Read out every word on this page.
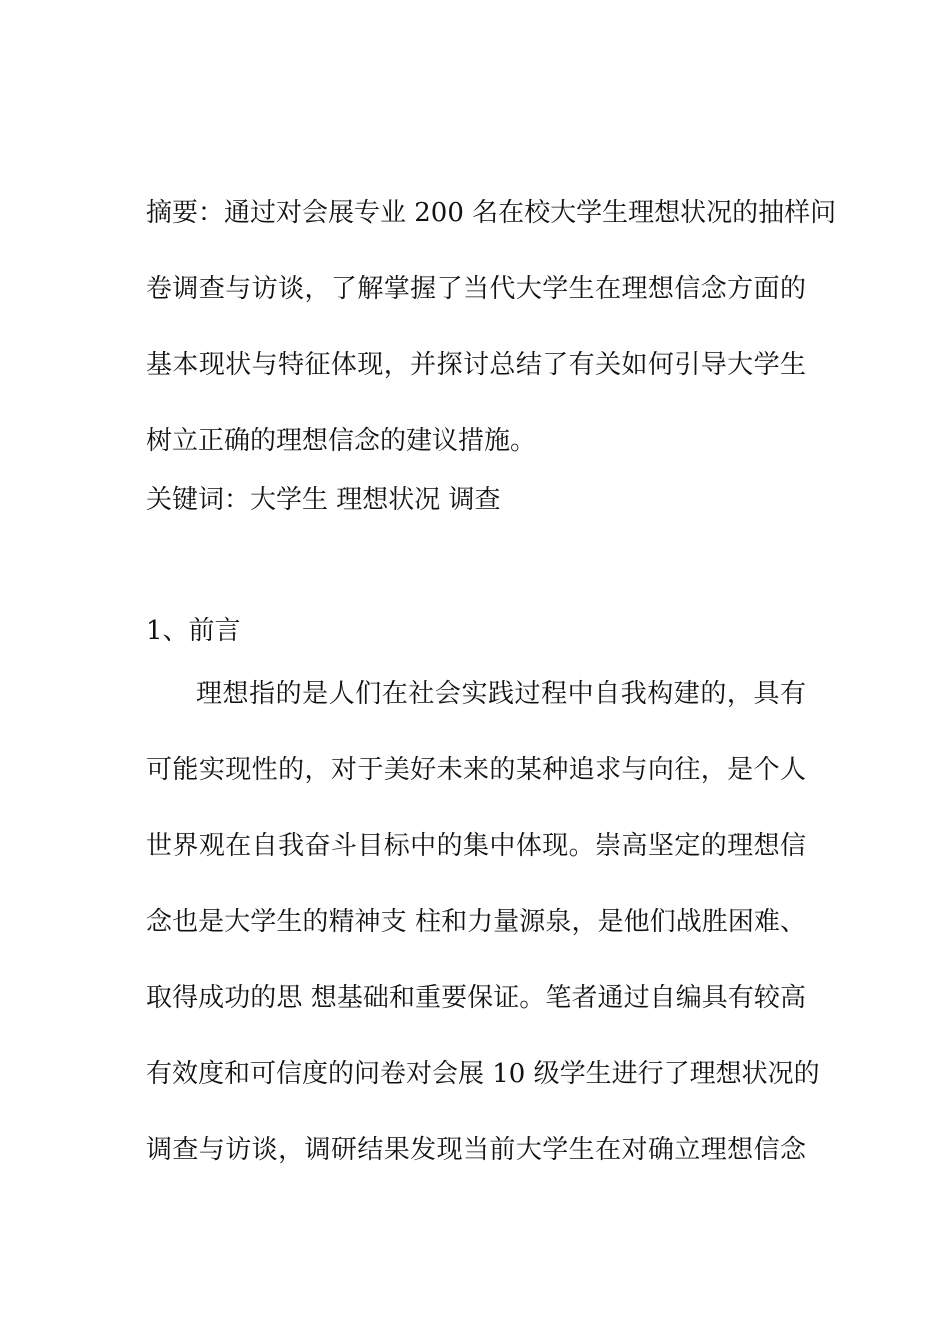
摘要：通过对会展专业 200 名在校大学生理想状况的抽样问

卷调查与访谈，了解掌握了当代大学生在理想信念方面的

基本现状与特征体现，并探讨总结了有关如何引导大学生

树立正确的理想信念的建议措施。

关键词：大学生 理想状况 调查

1、前言

理想指的是人们在社会实践过程中自我构建的，具有

可能实现性的，对于美好未来的某种追求与向往，是个人

世界观在自我奋斗目标中的集中体现。崇高坚定的理想信

念也是大学生的精神支 柱和力量源泉，是他们战胜困难、

取得成功的思 想基础和重要保证。笔者通过自编具有较高

有效度和可信度的问卷对会展 10 级学生进行了理想状况的

调查与访谈，调研结果发现当前大学生在对确立理想信念
